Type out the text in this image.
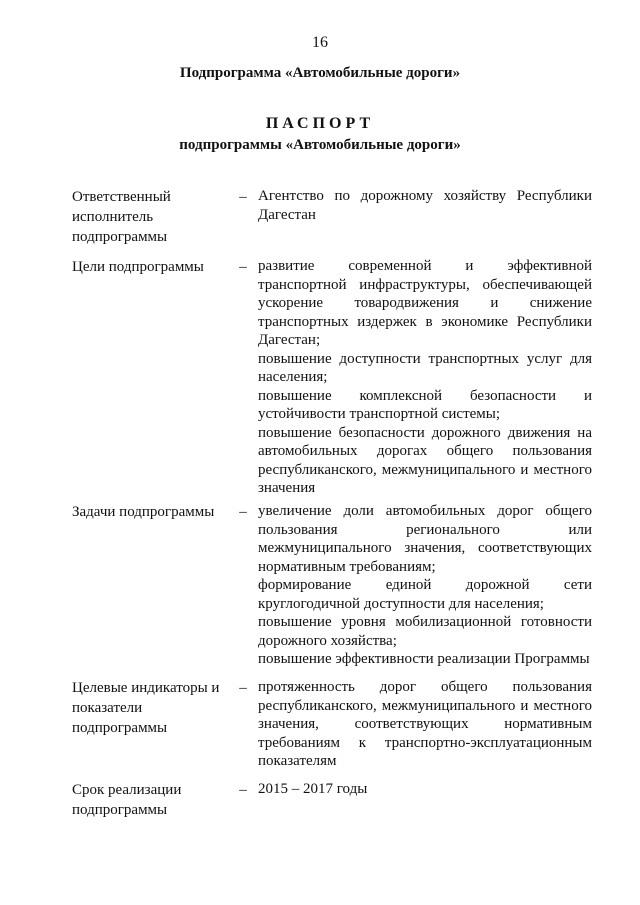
16
Подпрограмма «Автомобильные дороги»
ПАСПОРТ
подпрограммы «Автомобильные дороги»
Ответственный
исполнитель
подпрограммы
– Агентство по дорожному хозяйству Республики Дагестан

Цели подпрограммы	– развитие современной и эффективной транспортной инфраструктуры, обеспечивающей ускорение товародвижения и снижение транспортных издержек в экономике Республики Дагестан;

повышение доступности транспортных услуг для населения;

повышение комплексной безопасности и устойчивости транспортной системы;

повышение безопасности дорожного движения на автомобильных дорогах общего пользования республиканского, межмуниципального и местного значения

Задачи подпрограммы	– увеличение доли автомобильных дорог общего пользования регионального или межмуниципального значения, соответствующих нормативным требованиям;

формирование единой дорожной сети круглогодичной доступности для населения;

повышение уровня мобилизационной готовности дорожного хозяйства;

повышение эффективности реализации Программы

Целевые индикаторы и
показатели
подпрограммы
– протяженность дорог общего пользования республиканского, межмуниципального и местного значения, соответствующих нормативным требованиям к транспортно-эксплуатационным показателям

Срок реализации
подпрограммы
– 2015 – 2017 годы
